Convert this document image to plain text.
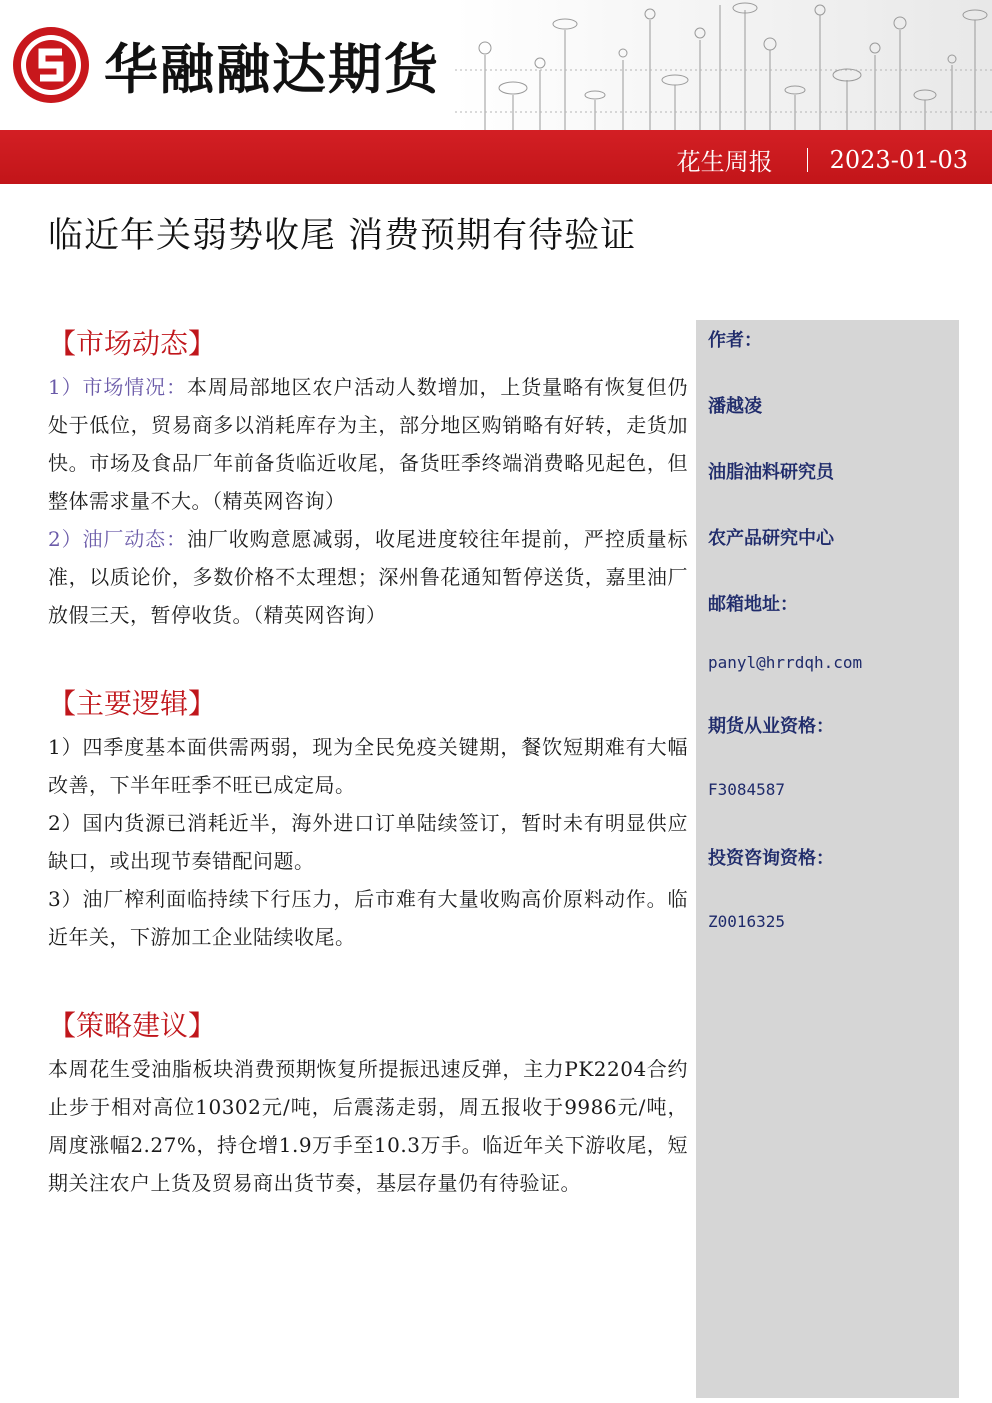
华融融达期货
花生周报 2023-01-03
临近年关弱势收尾 消费预期有待验证
【市场动态】

1）市场情况：本周局部地区农户活动人数增加，上货量略有恢复但仍处于低位，贸易商多以消耗库存为主，部分地区购销略有好转，走货加快。市场及食品厂年前备货临近收尾，备货旺季终端消费略见起色，但整体需求量不大。（精英网咨询）

2）油厂动态：油厂收购意愿减弱，收尾进度较往年提前，严控质量标准，以质论价，多数价格不太理想；深州鲁花通知暂停送货，嘉里油厂放假三天，暂停收货。（精英网咨询）

【主要逻辑】

1）四季度基本面供需两弱，现为全民免疫关键期，餐饮短期难有大幅改善，下半年旺季不旺已成定局。

2）国内货源已消耗近半，海外进口订单陆续签订，暂时未有明显供应缺口，或出现节奏错配问题。

3）油厂榨利面临持续下行压力，后市难有大量收购高价原料动作。临近年关，下游加工企业陆续收尾。

【策略建议】

本周花生受油脂板块消费预期恢复所提振迅速反弹，主力PK2204合约止步于相对高位10302元/吨，后震荡走弱，周五报收于9986元/吨，周度涨幅2.27%，持仓增1.9万手至10.3万手。临近年关下游收尾，短期关注农户上货及贸易商出货节奏，基层存量仍有待验证。

作者：
潘越凌
油脂油料研究员
农产品研究中心
邮箱地址：
panyl@hrrdqh.com
期货从业资格：
F3084587
投资咨询资格：
Z0016325
